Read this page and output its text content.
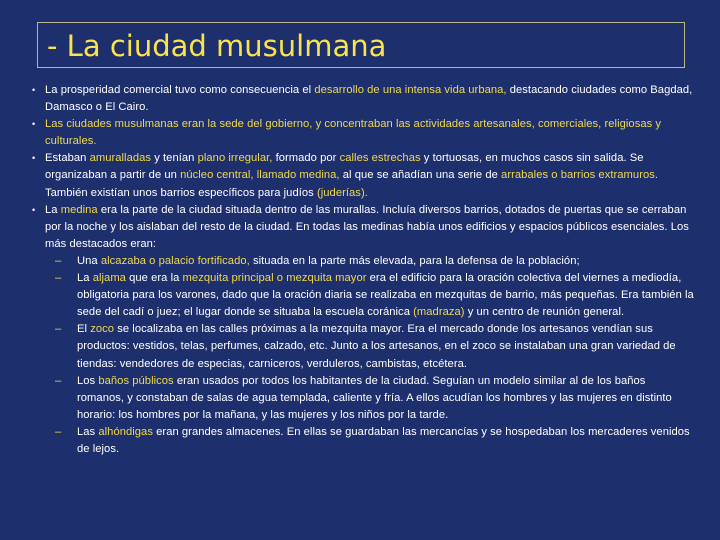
- La ciudad musulmana

• La prosperidad comercial tuvo como consecuencia el desarrollo de una intensa vida urbana, destacando ciudades como Bagdad, Damasco o El Cairo.

• Las ciudades musulmanas eran la sede del gobierno, y concentraban las actividades artesanales, comerciales, religiosas y culturales.

• Estaban amuralladas y tenían plano irregular, formado por calles estrechas y tortuosas, en muchos casos sin salida. Se organizaban a partir de un núcleo central, llamado medina, al que se añadían una serie de arrabales o barrios extramuros. También existían unos barrios específicos para judíos (juderías).

• La medina era la parte de la ciudad situada dentro de las murallas. Incluía diversos barrios, dotados de puertas que se cerraban por la noche y los aislaban del resto de la ciudad. En todas las medinas había unos edificios y espacios públicos esenciales. Los más destacados eran:

– Una alcazaba o palacio fortificado, situada en la parte más elevada, para la defensa de la población;

– La aljama que era la mezquita principal o mezquita mayor era el edificio para la oración colectiva del viernes a mediodía, obligatoria para los varones, dado que la oración diaria se realizaba en mezquitas de barrio, más pequeñas. Era también la sede del cadí o juez; el lugar donde se situaba la escuela coránica (madraza) y un centro de reunión general.

– El zoco se localizaba en las calles próximas a la mezquita mayor. Era el mercado donde los artesanos vendían sus productos: vestidos, telas, perfumes, calzado, etc. Junto a los artesanos, en el zoco se instalaban una gran variedad de tiendas: vendedores de especias, carniceros, verduleros, cambistas, etcétera.

– Los baños públicos eran usados por todos los habitantes de la ciudad. Seguían un modelo similar al de los baños romanos, y constaban de salas de agua templada, caliente y fría. A ellos acudían los hombres y las mujeres en distinto horario: los hombres por la mañana, y las mujeres y los niños por la tarde.

– Las alhóndigas eran grandes almacenes. En ellas se guardaban las mercancías y se hospedaban los mercaderes venidos de lejos.
